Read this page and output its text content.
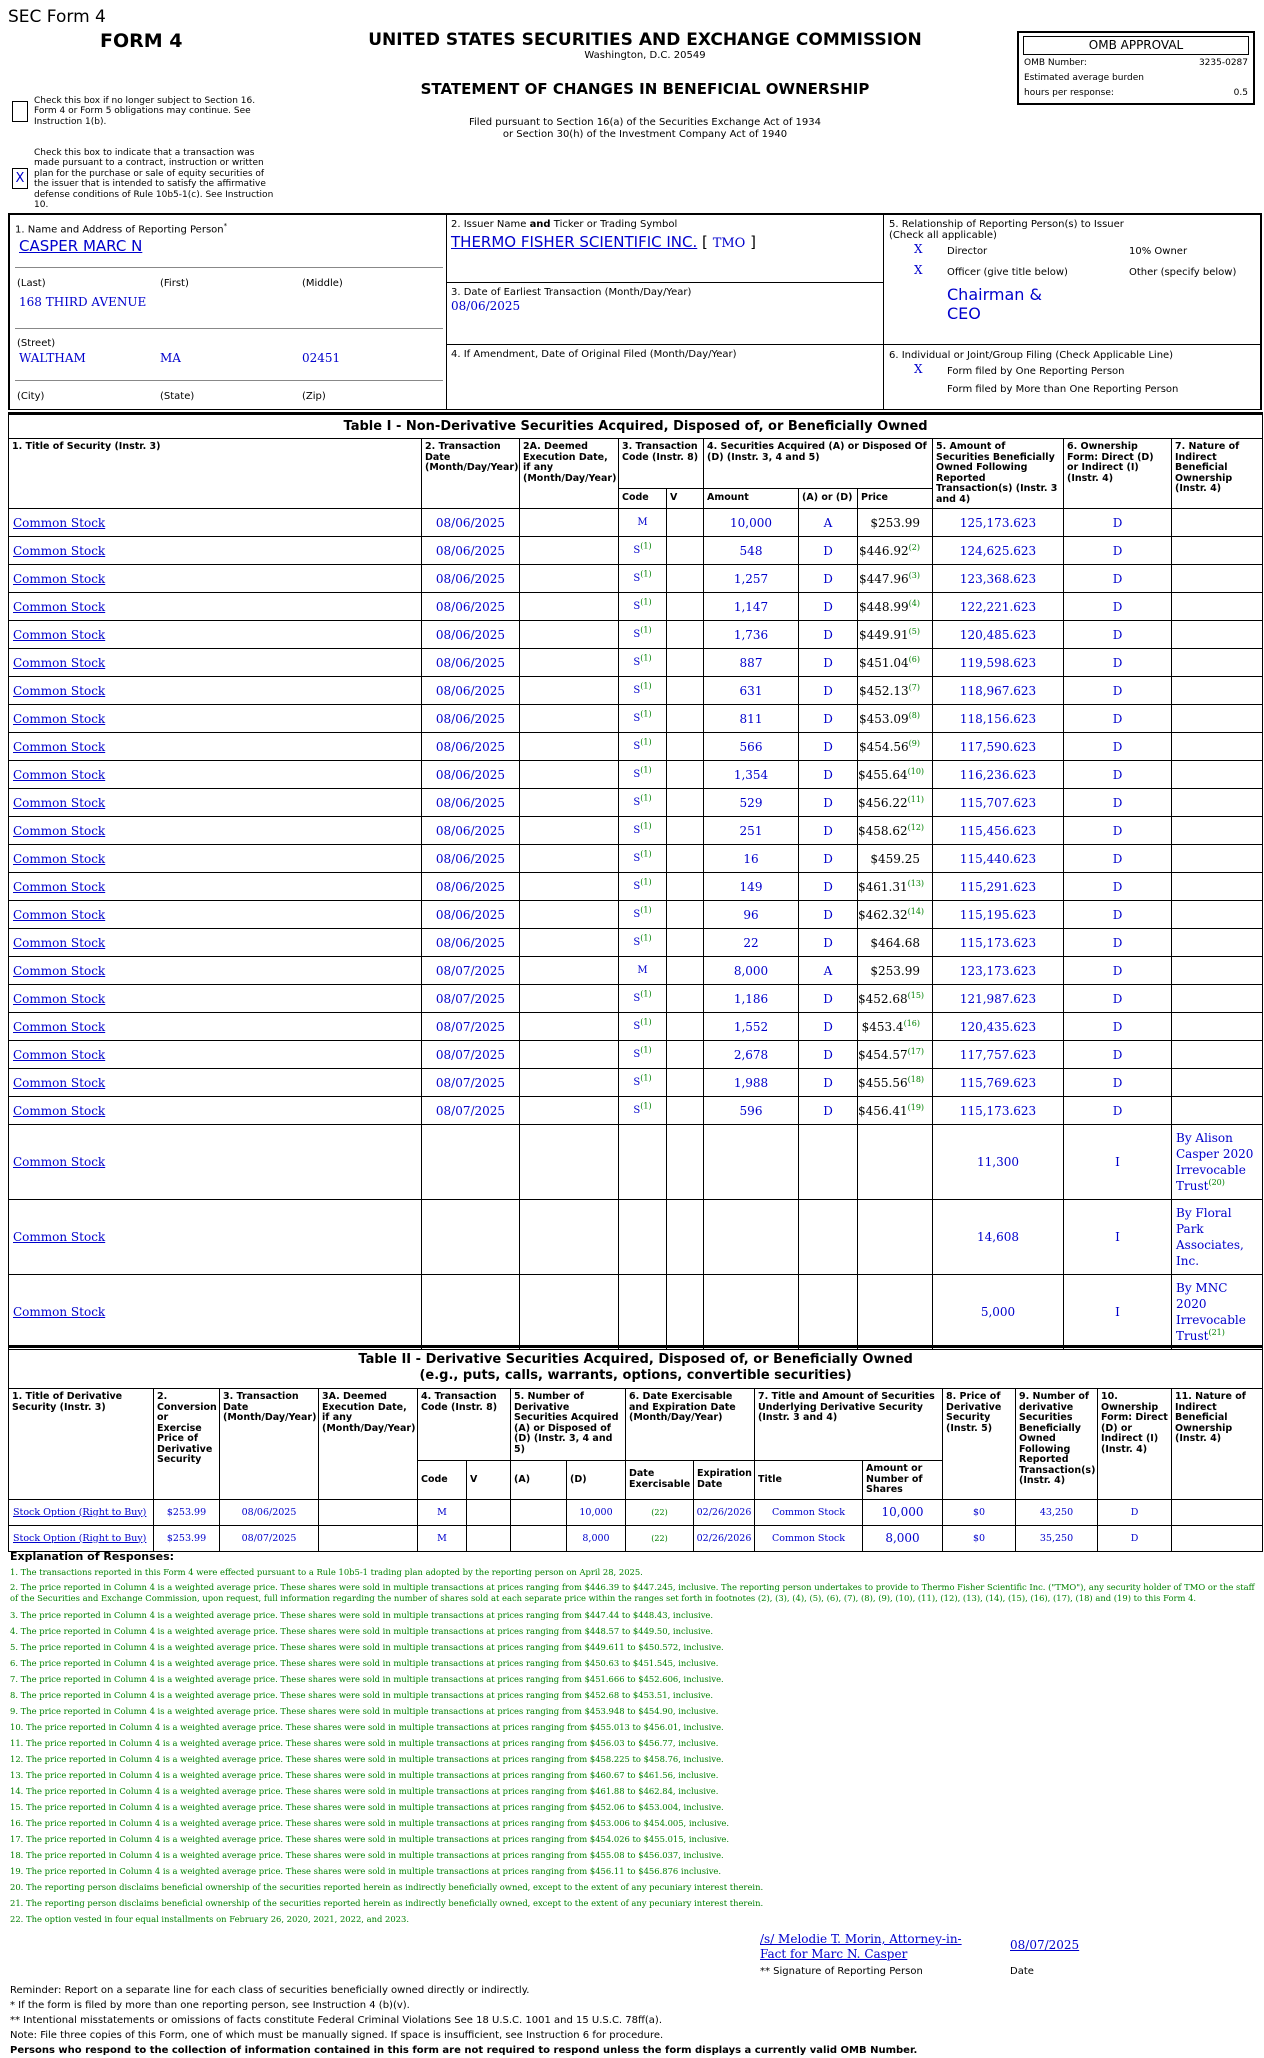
SEC Form 4
FORM 4	UNITED STATES SECURITIES AND EXCHANGE COMMISSION
Washington, D.C. 20549
STATEMENT OF CHANGES IN BENEFICIAL OWNERSHIP
Filed pursuant to Section 16(a) of the Securities Exchange Act of 1934
or Section 30(h) of the Investment Company Act of 1940
OMB APPROVAL
OMB Number:	3235-0287
Estimated average burden
hours per response:	0.5
Check this box if no longer subject to Section 16. Form 4 or Form 5 obligations may continue. See Instruction 1(b).
X
Check this box to indicate that a transaction was made pursuant to a contract, instruction or written plan for the purchase or sale of equity securities of the issuer that is intended to satisfy the affirmative defense conditions of Rule 10b5-1(c). See Instruction 10.
1. Name and Address of Reporting Person*
CASPER MARC N
(Last)	(First)	(Middle)
168 THIRD AVENUE
(Street)
WALTHAM	MA	02451
(City)	(State)	(Zip)
2. Issuer Name and Ticker or Trading Symbol
THERMO FISHER SCIENTIFIC INC. [ TMO ]
3. Date of Earliest Transaction (Month/Day/Year)
08/06/2025
4. If Amendment, Date of Original Filed (Month/Day/Year)
5. Relationship of Reporting Person(s) to Issuer
(Check all applicable)
X Director	10% Owner
X Officer (give title below)	Other (specify below)
Chairman &
CEO
6. Individual or Joint/Group Filing (Check Applicable Line)
X Form filed by One Reporting Person
Form filed by More than One Reporting Person
Table I - Non-Derivative Securities Acquired, Disposed of, or Beneficially Owned										
1. Title of Security (Instr. 3)	2. Transaction Date (Month/Day/Year)	2A. Deemed Execution Date, if any (Month/Day/Year)	3. Transaction Code (Instr. 8)		4. Securities Acquired (A) or Disposed Of (D) (Instr. 3, 4 and 5)			5. Amount of Securities Beneficially Owned Following Reported Transaction(s) (Instr. 3 and 4)	6. Ownership Form: Direct (D) or Indirect (I) (Instr. 4)	7. Nature of Indirect Beneficial Ownership (Instr. 4)
			Code	V	Amount	(A) or (D)	Price			
Common Stock	08/06/2025		M		10,000	A	$253.99	125,173.623	D	
Common Stock	08/06/2025		S$^{(1)}$		548	D	$446.92$^{(2)}$	124,625.623	D	
Common Stock	08/06/2025		S$^{(1)}$		1,257	D	$447.96$^{(3)}$	123,368.623	D	
Common Stock	08/06/2025		S$^{(1)}$		1,147	D	$448.99$^{(4)}$	122,221.623	D	
Common Stock	08/06/2025		S$^{(1)}$		1,736	D	$449.91$^{(5)}$	120,485.623	D	
Common Stock	08/06/2025		S$^{(1)}$		887	D	$451.04$^{(6)}$	119,598.623	D	
Common Stock	08/06/2025		S$^{(1)}$		631	D	$452.13$^{(7)}$	118,967.623	D	
Common Stock	08/06/2025		S$^{(1)}$		811	D	$453.09$^{(8)}$	118,156.623	D	
Common Stock	08/06/2025		S$^{(1)}$		566	D	$454.56$^{(9)}$	117,590.623	D	
Common Stock	08/06/2025		S$^{(1)}$		1,354	D	$455.64$^{(10)}$	116,236.623	D	
Common Stock	08/06/2025		S$^{(1)}$		529	D	$456.22$^{(11)}$	115,707.623	D	
Common Stock	08/06/2025		S$^{(1)}$		251	D	$458.62$^{(12)}$	115,456.623	D	
Common Stock	08/06/2025		S$^{(1)}$		16	D	$459.25	115,440.623	D	
Common Stock	08/06/2025		S$^{(1)}$		149	D	$461.31$^{(13)}$	115,291.623	D	
Common Stock	08/06/2025		S$^{(1)}$		96	D	$462.32$^{(14)}$	115,195.623	D	
Common Stock	08/06/2025		S$^{(1)}$		22	D	$464.68	115,173.623	D	
Common Stock	08/07/2025		M		8,000	A	$253.99	123,173.623	D	
Common Stock	08/07/2025		S$^{(1)}$		1,186	D	$452.68$^{(15)}$	121,987.623	D	
Common Stock	08/07/2025		S$^{(1)}$		1,552	D	$453.4$^{(16)}$	120,435.623	D	
Common Stock	08/07/2025		S$^{(1)}$		2,678	D	$454.57$^{(17)}$	117,757.623	D	
Common Stock	08/07/2025		S$^{(1)}$		1,988	D	$455.56$^{(18)}$	115,769.623	D	
Common Stock	08/07/2025		S$^{(1)}$		596	D	$456.41$^{(19)}$	115,173.623	D	
Common Stock								11,300	I	By Alison Casper 2020 Irrevocable Trust$^{(20)}$
Common Stock								14,608	I	By Floral Park Associates, Inc.
Common Stock								5,000	I	By MNC 2020 Irrevocable Trust$^{(21)}$
Table II - Derivative Securities Acquired, Disposed of, or Beneficially Owned
(e.g., puts, calls, warrants, options, convertible securities)															

1. Title of Derivative Security (Instr. 3)	2. Conversion or Exercise Price of Derivative Security	3. Transaction Date (Month/Day/Year)	3A. Deemed Execution Date, if any (Month/Day/Year)	4. Transaction Code (Instr. 8)		5. Number of Derivative Securities Acquired (A) or Disposed of (D) (Instr. 3, 4 and 5)		6. Date Exercisable and Expiration Date (Month/Day/Year)		7. Title and Amount of Securities Underlying Derivative Security (Instr. 3 and 4)		8. Price of Derivative Security (Instr. 5)	9. Number of derivative Securities Beneficially Owned Following Reported Transaction(s) (Instr. 4)	10. Ownership Form: Direct (D) or Indirect (I) (Instr. 4)	11. Nature of Indirect Beneficial Ownership (Instr. 4)
				Code	V	(A)	(D)	Date Exercisable	Expiration Date	Title	Amount or Number of Shares				
Stock Option (Right to Buy)	$253.99	08/06/2025		M			10,000	(22)	02/26/2026	Common Stock	10,000	$0	43,250	D	
Stock Option (Right to Buy)	$253.99	08/07/2025		M			8,000	(22)	02/26/2026	Common Stock	8,000	$0	35,250	D	
Explanation of Responses:
1. The transactions reported in this Form 4 were effected pursuant to a Rule 10b5-1 trading plan adopted by the reporting person on April 28, 2025.
2. The price reported in Column 4 is a weighted average price. These shares were sold in multiple transactions at prices ranging from $446.39 to $447.245, inclusive. The reporting person undertakes to provide to Thermo Fisher Scientific Inc. ("TMO"), any security holder of TMO or the staff of the Securities and Exchange Commission, upon request, full information regarding the number of shares sold at each separate price within the ranges set forth in footnotes (2), (3), (4), (5), (6), (7), (8), (9), (10), (11), (12), (13), (14), (15), (16), (17), (18) and (19) to this Form 4.
3. The price reported in Column 4 is a weighted average price. These shares were sold in multiple transactions at prices ranging from $447.44 to $448.43, inclusive.
4. The price reported in Column 4 is a weighted average price. These shares were sold in multiple transactions at prices ranging from $448.57 to $449.50, inclusive.
5. The price reported in Column 4 is a weighted average price. These shares were sold in multiple transactions at prices ranging from $449.611 to $450.572, inclusive.
6. The price reported in Column 4 is a weighted average price. These shares were sold in multiple transactions at prices ranging from $450.63 to $451.545, inclusive.
7. The price reported in Column 4 is a weighted average price. These shares were sold in multiple transactions at prices ranging from $451.666 to $452.606, inclusive.
8. The price reported in Column 4 is a weighted average price. These shares were sold in multiple transactions at prices ranging from $452.68 to $453.51, inclusive.
9. The price reported in Column 4 is a weighted average price. These shares were sold in multiple transactions at prices ranging from $453.948 to $454.90, inclusive.
10. The price reported in Column 4 is a weighted average price. These shares were sold in multiple transactions at prices ranging from $455.013 to $456.01, inclusive.
11. The price reported in Column 4 is a weighted average price. These shares were sold in multiple transactions at prices ranging from $456.03 to $456.77, inclusive.
12. The price reported in Column 4 is a weighted average price. These shares were sold in multiple transactions at prices ranging from $458.225 to $458.76, inclusive.
13. The price reported in Column 4 is a weighted average price. These shares were sold in multiple transactions at prices ranging from $460.67 to $461.56, inclusive.
14. The price reported in Column 4 is a weighted average price. These shares were sold in multiple transactions at prices ranging from $461.88 to $462.84, inclusive.
15. The price reported in Column 4 is a weighted average price. These shares were sold in multiple transactions at prices ranging from $452.06 to $453.004, inclusive.
16. The price reported in Column 4 is a weighted average price. These shares were sold in multiple transactions at prices ranging from $453.006 to $454.005, inclusive.
17. The price reported in Column 4 is a weighted average price. These shares were sold in multiple transactions at prices ranging from $454.026 to $455.015, inclusive.
18. The price reported in Column 4 is a weighted average price. These shares were sold in multiple transactions at prices ranging from $455.08 to $456.037, inclusive.
19. The price reported in Column 4 is a weighted average price. These shares were sold in multiple transactions at prices ranging from $456.11 to $456.876 inclusive.
20. The reporting person disclaims beneficial ownership of the securities reported herein as indirectly beneficially owned, except to the extent of any pecuniary interest therein.
21. The reporting person disclaims beneficial ownership of the securities reported herein as indirectly beneficially owned, except to the extent of any pecuniary interest therein.
22. The option vested in four equal installments on February 26, 2020, 2021, 2022, and 2023.
/s/ Melodie T. Morin, Attorney-in-Fact for Marc N. Casper
08/07/2025
** Signature of Reporting Person	Date
Reminder: Report on a separate line for each class of securities beneficially owned directly or indirectly.
* If the form is filed by more than one reporting person, see Instruction 4 (b)(v).
** Intentional misstatements or omissions of facts constitute Federal Criminal Violations See 18 U.S.C. 1001 and 15 U.S.C. 78ff(a).
Note: File three copies of this Form, one of which must be manually signed. If space is insufficient, see Instruction 6 for procedure.
Persons who respond to the collection of information contained in this form are not required to respond unless the form displays a currently valid OMB Number.
